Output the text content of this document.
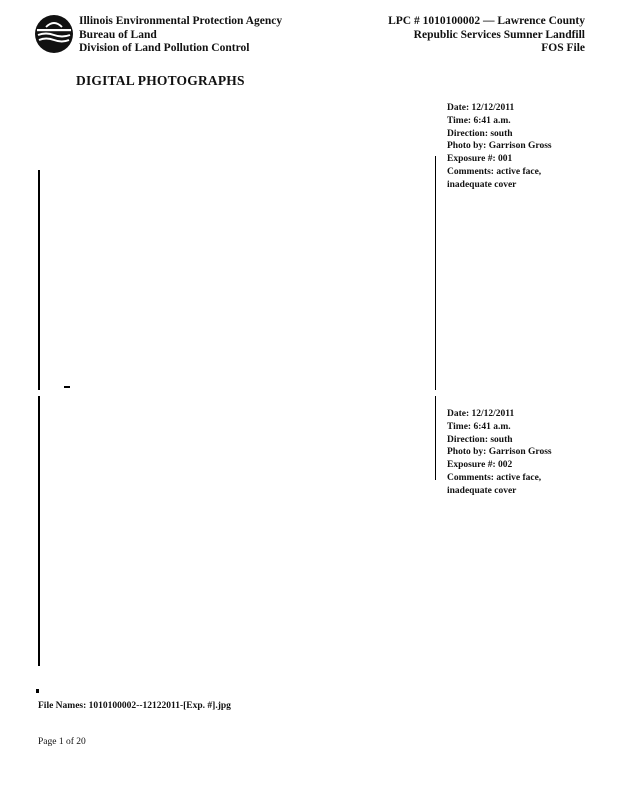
Illinois Environmental Protection Agency
Bureau of Land
Division of Land Pollution Control
LPC # 1010100002 — Lawrence County
Republic Services Sumner Landfill
FOS File
DIGITAL PHOTOGRAPHS
Date: 12/12/2011
Time: 6:41 a.m.
Direction: south
Photo by: Garrison Gross
Exposure #: 001
Comments: active face,
inadequate cover
Date: 12/12/2011
Time: 6:41 a.m.
Direction: south
Photo by: Garrison Gross
Exposure #: 002
Comments: active face,
inadequate cover
File Names: 1010100002--12122011-[Exp. #].jpg
Page 1 of 20
